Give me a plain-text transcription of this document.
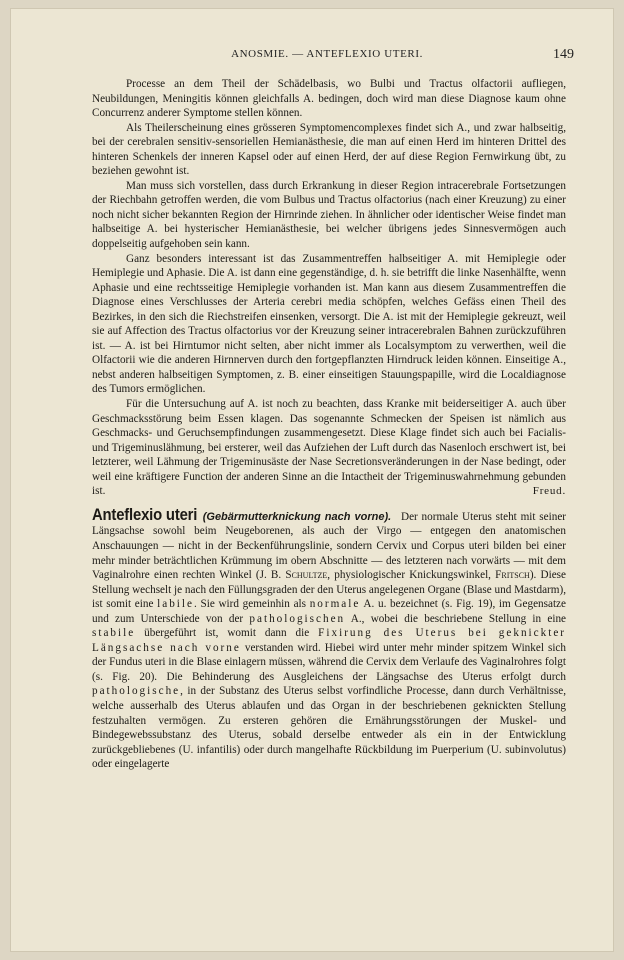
ANOSMIE. — ANTEFLEXIO UTERI.	149

Processe an dem Theil der Schädelbasis, wo Bulbi und Tractus olfactorii aufliegen, Neubildungen, Meningitis können gleichfalls A. bedingen, doch wird man diese Diagnose kaum ohne Concurrenz anderer Symptome stellen können.

Als Theilerscheinung eines grösseren Symptomencomplexes findet sich A., und zwar halbseitig, bei der cerebralen sensitiv-sensoriellen Hemianästhesie, die man auf einen Herd im hinteren Drittel des hinteren Schenkels der inneren Kapsel oder auf einen Herd, der auf diese Region Fernwirkung übt, zu beziehen gewohnt ist.

Man muss sich vorstellen, dass durch Erkrankung in dieser Region intracerebrale Fortsetzungen der Riechbahn getroffen werden, die vom Bulbus und Tractus olfactorius (nach einer Kreuzung) zu einer noch nicht sicher bekannten Region der Hirnrinde ziehen. In ähnlicher oder identischer Weise findet man halbseitige A. bei hysterischer Hemianästhesie, bei welcher übrigens jedes Sinnesvermögen auch doppelseitig aufgehoben sein kann.

Ganz besonders interessant ist das Zusammentreffen halbseitiger A. mit Hemiplegie oder Hemiplegie und Aphasie. Die A. ist dann eine gegenständige, d. h. sie betrifft die linke Nasenhälfte, wenn Aphasie und eine rechtsseitige Hemiplegie vorhanden ist. Man kann aus diesem Zusammentreffen die Diagnose eines Verschlusses der Arteria cerebri media schöpfen, welches Gefäss einen Theil des Bezirkes, in den sich die Riechstreifen einsenken, versorgt. Die A. ist mit der Hemiplegie gekreuzt, weil sie auf Affection des Tractus olfactorius vor der Kreuzung seiner intracerebralen Bahnen zurückzuführen ist. — A. ist bei Hirntumor nicht selten, aber nicht immer als Localsymptom zu verwerthen, weil die Olfactorii wie die anderen Hirnnerven durch den fortgepflanzten Hirndruck leiden können. Einseitige A., nebst anderen halbseitigen Symptomen, z. B. einer einseitigen Stauungspapille, wird die Localdiagnose des Tumors ermöglichen.

Für die Untersuchung auf A. ist noch zu beachten, dass Kranke mit beiderseitiger A. auch über Geschmacksstörung beim Essen klagen. Das sogenannte Schmecken der Speisen ist nämlich aus Geschmacks- und Geruchsempfindungen zusammengesetzt. Diese Klage findet sich auch bei Facialis- und Trigeminuslähmung, bei ersterer, weil das Aufziehen der Luft durch das Nasenloch erschwert ist, bei letzterer, weil Lähmung der Trigeminusäste der Nase Secretionsveränderungen in der Nase bedingt, oder weil eine kräftigere Function der anderen Sinne an die Intactheit der Trigeminuswahrnehmung gebunden ist.	Freud.

Anteflexio uteri (Gebärmutterknickung nach vorne). Der normale Uterus steht mit seiner Längsachse sowohl beim Neugeborenen, als auch der Virgo — entgegen den anatomischen Anschauungen — nicht in der Beckenführungslinie, sondern Cervix und Corpus uteri bilden bei einer mehr minder beträchtlichen Krümmung im obern Abschnitte — des letzteren nach vorwärts — mit dem Vaginalrohre einen rechten Winkel (J. B. Schultze, physiologischer Knickungswinkel, Fritsch). Diese Stellung wechselt je nach den Füllungsgraden der den Uterus angelegenen Organe (Blase und Mastdarm), ist somit eine labile. Sie wird gemeinhin als normale A. u. bezeichnet (s. Fig. 19), im Gegensatze und zum Unterschiede von der pathologischen A., wobei die beschriebene Stellung in eine stabile übergeführt ist, womit dann die Fixirung des Uterus bei geknickter Längsachse nach vorne verstanden wird. Hiebei wird unter mehr minder spitzem Winkel sich der Fundus uteri in die Blase einlagern müssen, während die Cervix dem Verlaufe des Vaginalrohres folgt (s. Fig. 20). Die Behinderung des Ausgleichens der Längsachse des Uterus erfolgt durch pathologische, in der Substanz des Uterus selbst vorfindliche Processe, dann durch Verhältnisse, welche ausserhalb des Uterus ablaufen und das Organ in der beschriebenen geknickten Stellung festzuhalten vermögen. Zu ersteren gehören die Ernährungsstörungen der Muskel- und Bindegewebssubstanz des Uterus, sobald derselbe entweder als ein in der Entwicklung zurückgebliebenes (U. infantilis) oder durch mangelhafte Rückbildung im Puerperium (U. subinvolutus) oder eingelagerte
